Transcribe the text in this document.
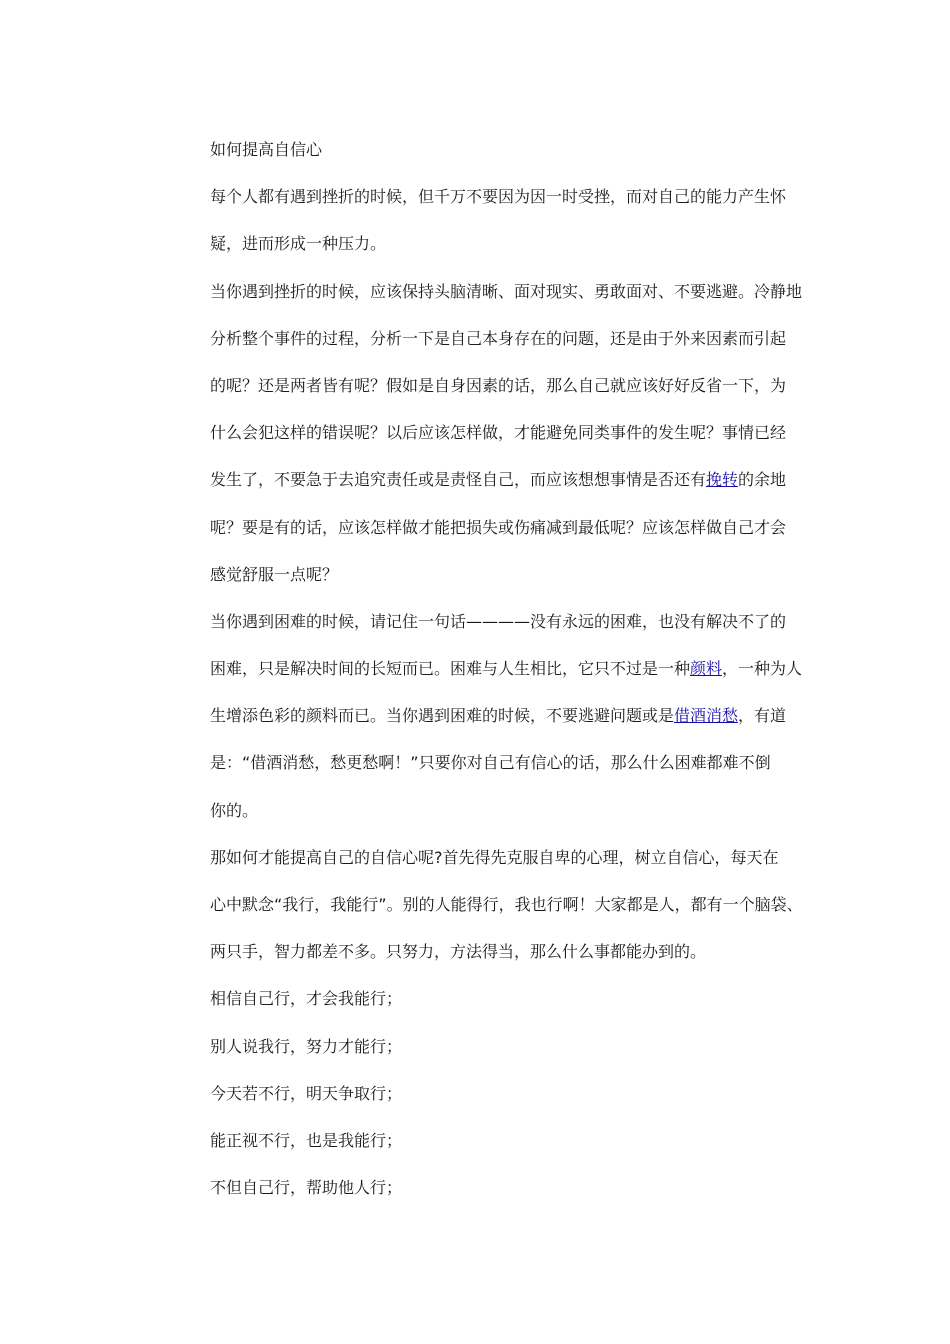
如何提高自信心
每个人都有遇到挫折的时候，但千万不要因为因一时受挫，而对自己的能力产生怀
疑，进而形成一种压力。
当你遇到挫折的时候，应该保持头脑清晰、面对现实、勇敢面对、不要逃避。冷静地
分析整个事件的过程，分析一下是自己本身存在的问题，还是由于外来因素而引起
的呢？还是两者皆有呢？假如是自身因素的话，那么自己就应该好好反省一下，为
什么会犯这样的错误呢？以后应该怎样做，才能避免同类事件的发生呢？事情已经
发生了，不要急于去追究责任或是责怪自己，而应该想想事情是否还有挽转的余地
呢？要是有的话，应该怎样做才能把损失或伤痛减到最低呢？应该怎样做自己才会
感觉舒服一点呢？
当你遇到困难的时候，请记住一句话————没有永远的困难，也没有解决不了的
困难，只是解决时间的长短而已。困难与人生相比，它只不过是一种颜料，一种为人
生增添色彩的颜料而已。当你遇到困难的时候，不要逃避问题或是借酒消愁，有道
是：“借酒消愁，愁更愁啊！”只要你对自己有信心的话，那么什么困难都难不倒
你的。
那如何才能提高自己的自信心呢?首先得先克服自卑的心理，树立自信心，每天在
心中默念“我行，我能行”。别的人能得行，我也行啊！大家都是人，都有一个脑袋、
两只手，智力都差不多。只努力，方法得当，那么什么事都能办到的。
相信自己行，才会我能行；
别人说我行，努力才能行；
今天若不行，明天争取行；
能正视不行，也是我能行；
不但自己行，帮助他人行；
